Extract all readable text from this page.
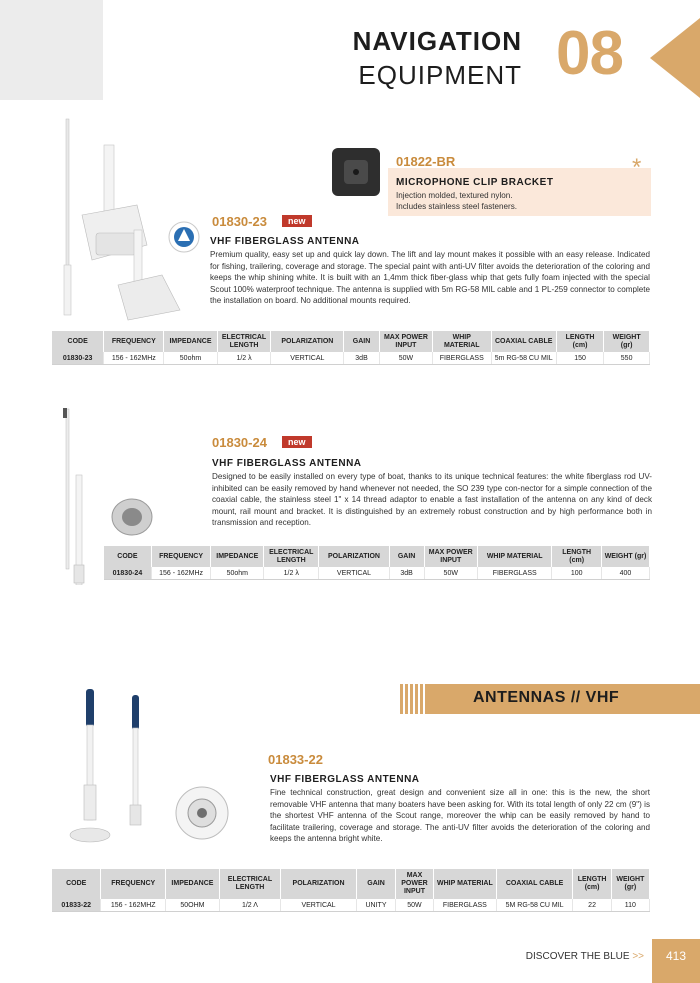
NAVIGATION
EQUIPMENT 08
01822-BR	*
MICROPHONE CLIP BRACKET
Injection molded, textured nylon.
Includes stainless steel fasteners.
01830-23	new
VHF FIBERGLASS ANTENNA
Premium quality, easy set up and quick lay down. The lift and lay mount makes it possible with an easy release. Indicated for fishing, trailering, coverage and storage. The special paint with anti-UV filter avoids the deterioration of the coloring and keeps the whip shining white. It is built with an 1,4mm thick fiber-glass whip that gets fully foam injected with the special Scout 100% waterproof technique. The antenna is supplied with 5m RG-58 MIL cable and 1 PL-259 connector to complete the installation on board. No additional mounts required.
CODE	FREQUENCY	IMPEDANCE	ELECTRICAL LENGTH	POLARIZATION	GAIN	MAX POWER INPUT	WHIP MATERIAL	COAXIAL CABLE	LENGTH (cm)	WEIGHT (gr)
01830-23	156 - 162MHz	50ohm	1/2 λ	VERTICAL	3dB	50W	FIBERGLASS	5m RG-58 CU MIL	150	550
01830-24	new
VHF FIBERGLASS ANTENNA
Designed to be easily installed on every type of boat, thanks to its unique technical features: the white fiberglass rod UV-inhibited can be easily removed by hand whenever not needed, the SO 239 type con-nector for a simple connection of the coaxial cable, the stainless steel 1" x 14 thread adaptor to enable a fast installation of the antenna on any kind of deck mount, rail mount and bracket. It is distinguished by an extremely robust construction and by high performance both in transmission and reception.
CODE	FREQUENCY	IMPEDANCE	ELECTRICAL LENGTH	POLARIZATION	GAIN	MAX POWER INPUT	WHIP MATERIAL	LENGTH (cm)	WEIGHT (gr)
01830-24	156 - 162MHz	50ohm	1/2 λ	VERTICAL	3dB	50W	FIBERGLASS	100	400
ANTENNAS // VHF
01833-22
VHF FIBERGLASS ANTENNA
Fine technical construction, great design and convenient size all in one: this is the new, the short removable VHF antenna that many boaters have been asking for. With its total length of only 22 cm (9") is the shortest VHF antenna of the Scout range, moreover the whip can be easily removed by hand to facilitate trailering, coverage and storage. The anti-UV filter avoids the deterioration of the coloring and keeps the antenna bright white.
CODE	FREQUENCY	IMPEDANCE	ELECTRICAL LENGTH	POLARIZATION	GAIN	MAX POWER INPUT	WHIP MATERIAL	COAXIAL CABLE	LENGTH (cm)	WEIGHT (gr)
01833-22	156 - 162MHZ	50OHM	1/2 Λ	VERTICAL	UNITY	50W	FIBERGLASS	5M RG-58 CU MIL	22	110
DISCOVER THE BLUE >>	413
